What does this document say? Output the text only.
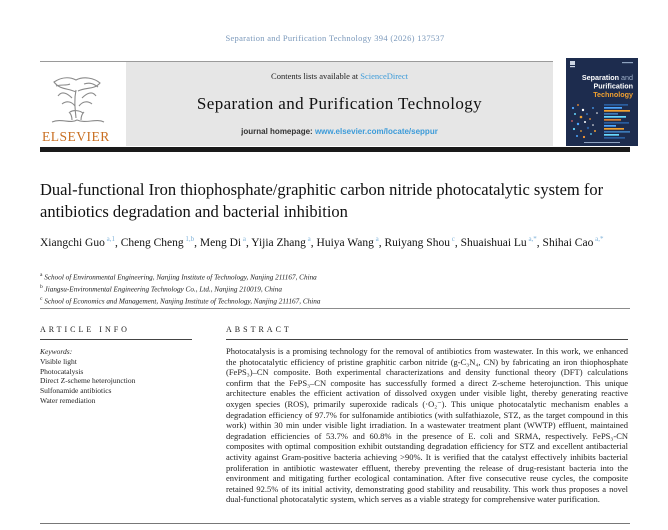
Separation and Purification Technology 394 (2026) 137537
ELSEVIER
Contents lists available at ScienceDirect
Separation and Purification Technology
journal homepage: www.elsevier.com/locate/seppur
Separation and
Purification
Technology
Dual-functional Iron thiophosphate/graphitic carbon nitride photocatalytic system for antibiotics degradation and bacterial inhibition
Xiangchi Guo $^{a,1}$, Cheng Cheng $^{1,b}$, Meng Di $^a$, Yijia Zhang $^a$, Huiya Wang $^a$, Ruiyang Shou $^c$, Shuaishuai Lu $^{a,*}$, Shihai Cao $^{a,*}$
$^a$ School of Environmental Engineering, Nanjing Institute of Technology, Nanjing 211167, China
$^b$ Jiangsu-Environmental Engineering Technology Co., Ltd., Nanjing 210019, China
$^c$ School of Economics and Management, Nanjing Institute of Technology, Nanjing 211167, China
ARTICLE INFO	ABSTRACT
Keywords:
Visible light
Photocatalysis
Direct Z-scheme heterojunction
Sulfonamide antibiotics
Water remediation
Photocatalysis is a promising technology for the removal of antibiotics from wastewater. In this work, we enhanced the photocatalytic efficiency of pristine graphitic carbon nitride (g-C₃N₄, CN) by fabricating an iron thiophosphate (FePS₃)–CN composite. Both experimental characterizations and density functional theory (DFT) calculations confirm that the FePS₃–CN composite has successfully formed a direct Z-scheme heterojunction. This unique architecture enables the efficient activation of dissolved oxygen under visible light, thereby generating reactive oxygen species (ROS), primarily superoxide radicals (·O₂⁻). This unique photocatalytic mechanism enables a degradation efficiency of 97.7% for sulfonamide antibiotics (with sulfathiazole, STZ, as the target compound in this work) within 30 min under visible light irradiation. In a wastewater treatment plant (WWTP) effluent, maintained degradation efficiencies of 53.7% and 60.8% in the presence of E. coli and SRMA, respectively. FePS₃-CN composites with optimal composition exhibit outstanding degradation efficiency for STZ and excellent antibacterial activity against Gram-positive bacteria achieving >90%. It is verified that the catalyst effectively inhibits bacterial proliferation in antibiotic wastewater effluent, thereby preventing the release of drug-resistant bacteria into the environment and mitigating further ecological contamination. After five consecutive reuse cycles, the composite retained 92.5% of its initial activity, demonstrating good stability and reusability. This work thus proposes a novel dual-functional photocatalytic system, which serves as a viable strategy for comprehensive water purification.
